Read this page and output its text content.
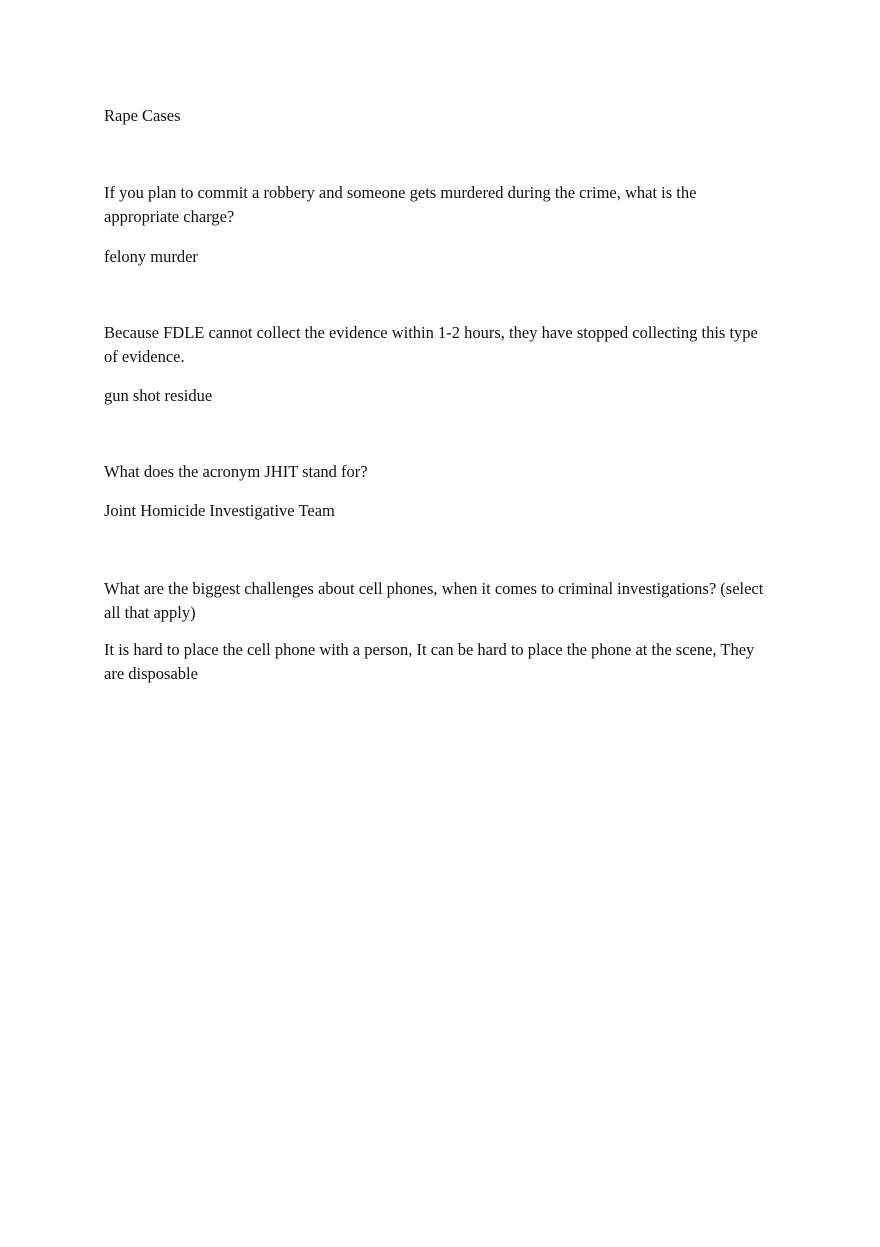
Rape Cases

If you plan to commit a robbery and someone gets murdered during the crime, what is the appropriate charge?

felony murder

Because FDLE cannot collect the evidence within 1-2 hours, they have stopped collecting this type of evidence.

gun shot residue

What does the acronym JHIT stand for?

Joint Homicide Investigative Team

What are the biggest challenges about cell phones, when it comes to criminal investigations? (select all that apply)

It is hard to place the cell phone with a person, It can be hard to place the phone at the scene, They are disposable
